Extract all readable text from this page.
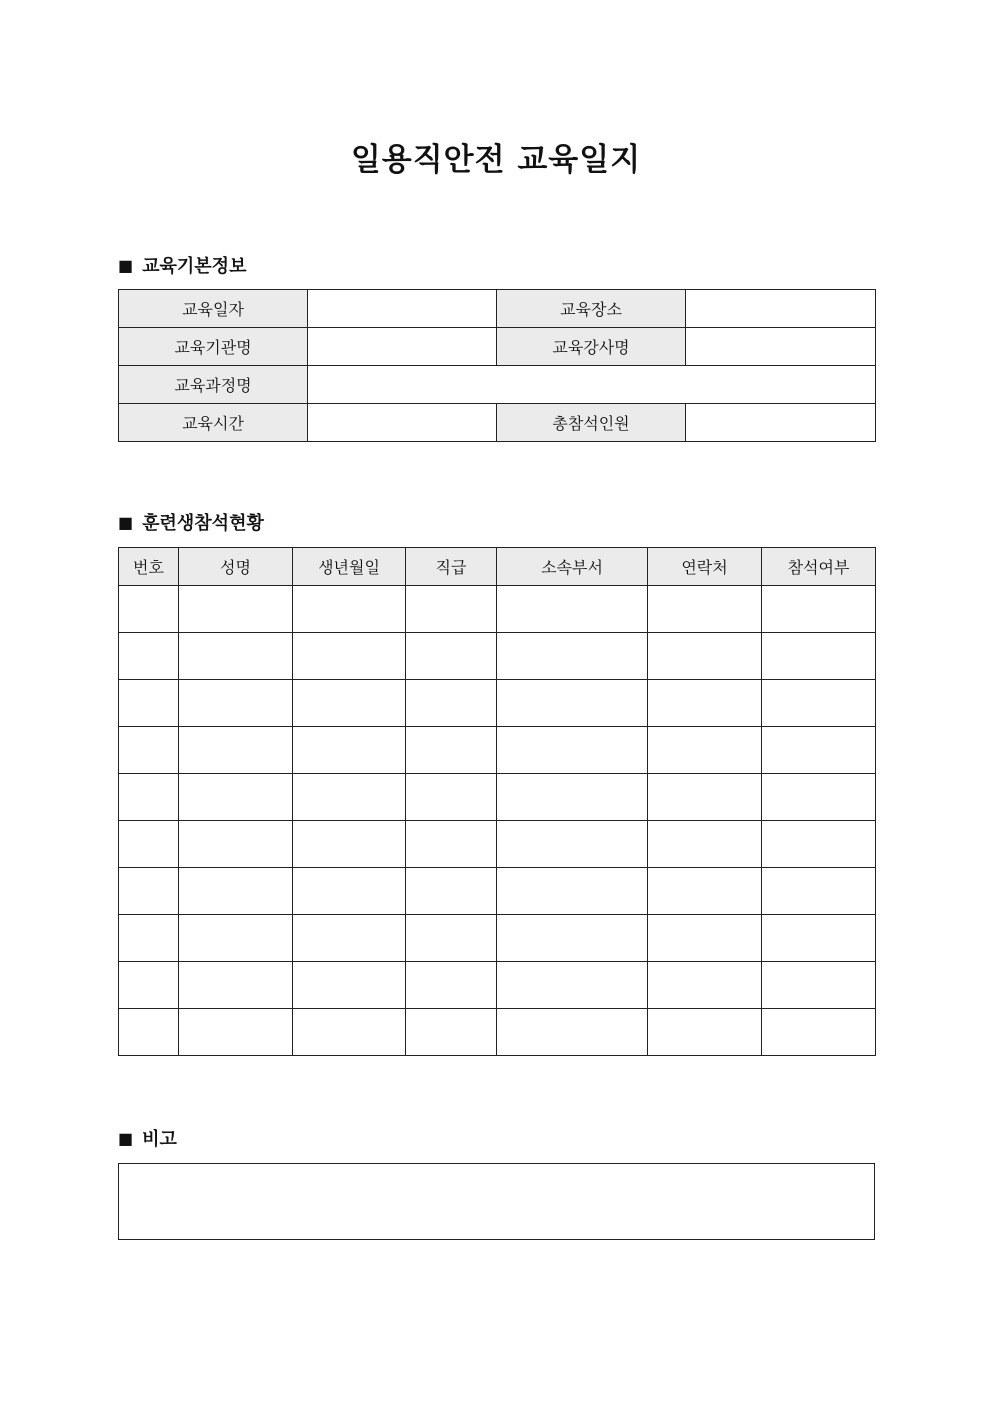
일용직안전 교육일지
■ 교육기본정보
교육일자		교육장소	
교육기관명		교육강사명	
교육과정명			
교육시간		총참석인원	
■ 훈련생참석현황
번호	성명	생년월일	직급	소속부서	연락처	참석여부

■ 비고
